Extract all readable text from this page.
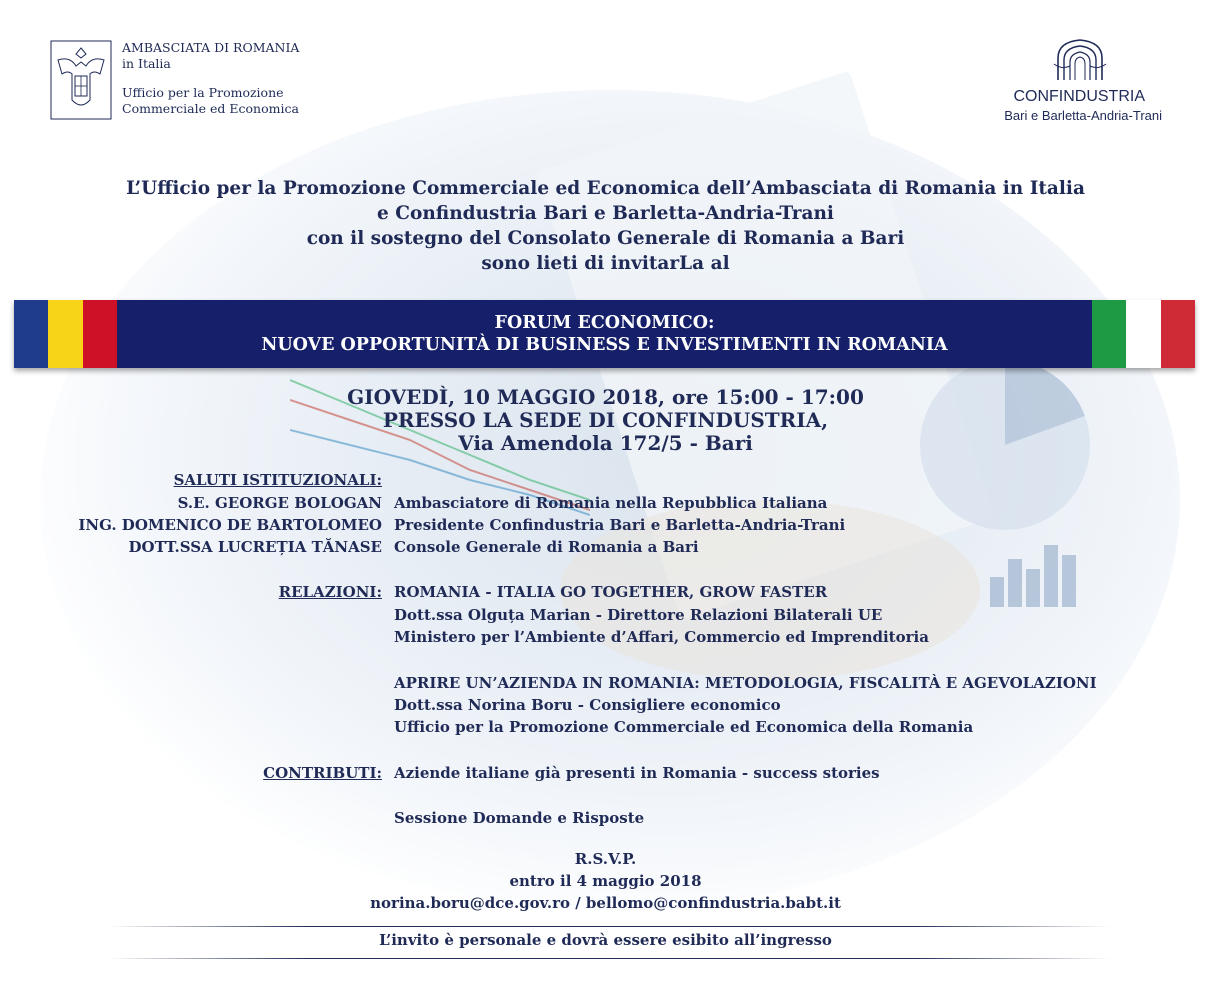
AMBASCIATA DI ROMANIA
in Italia
Ufficio per la Promozione
Commerciale ed Economica
CONFINDUSTRIA
Bari e Barletta-Andria-Trani
L’Ufficio per la Promozione Commerciale ed Economica dell’Ambasciata di Romania in Italia
e Confindustria Bari e Barletta-Andria-Trani
con il sostegno del Consolato Generale di Romania a Bari
sono lieti di invitarLa al
FORUM ECONOMICO:
NUOVE OPPORTUNITÀ DI BUSINESS E INVESTIMENTI IN ROMANIA
GIOVEDÌ, 10 MAGGIO 2018, ore 15:00 - 17:00
PRESSO LA SEDE DI CONFINDUSTRIA,
Via Amendola 172/5 - Bari
SALUTI ISTITUZIONALI:
S.E. GEORGE BOLOGAN Ambasciatore di Romania nella Repubblica Italiana
ING. DOMENICO DE BARTOLOMEO Presidente Confindustria Bari e Barletta-Andria-Trani
DOTT.SSA LUCREȚIA TĂNASE Console Generale di Romania a Bari
RELAZIONI: ROMANIA - ITALIA GO TOGETHER, GROW FASTER
Dott.ssa Olguța Marian - Direttore Relazioni Bilaterali UE
Ministero per l’Ambiente d’Affari, Commercio ed Imprenditoria
APRIRE UN’AZIENDA IN ROMANIA: METODOLOGIA, FISCALITÀ E AGEVOLAZIONI
Dott.ssa Norina Boru - Consigliere economico
Ufficio per la Promozione Commerciale ed Economica della Romania
CONTRIBUTI: Aziende italiane già presenti in Romania - success stories
Sessione Domande e Risposte
R.S.V.P.
entro il 4 maggio 2018
norina.boru@dce.gov.ro / bellomo@confindustria.babt.it
L’invito è personale e dovrà essere esibito all’ingresso
